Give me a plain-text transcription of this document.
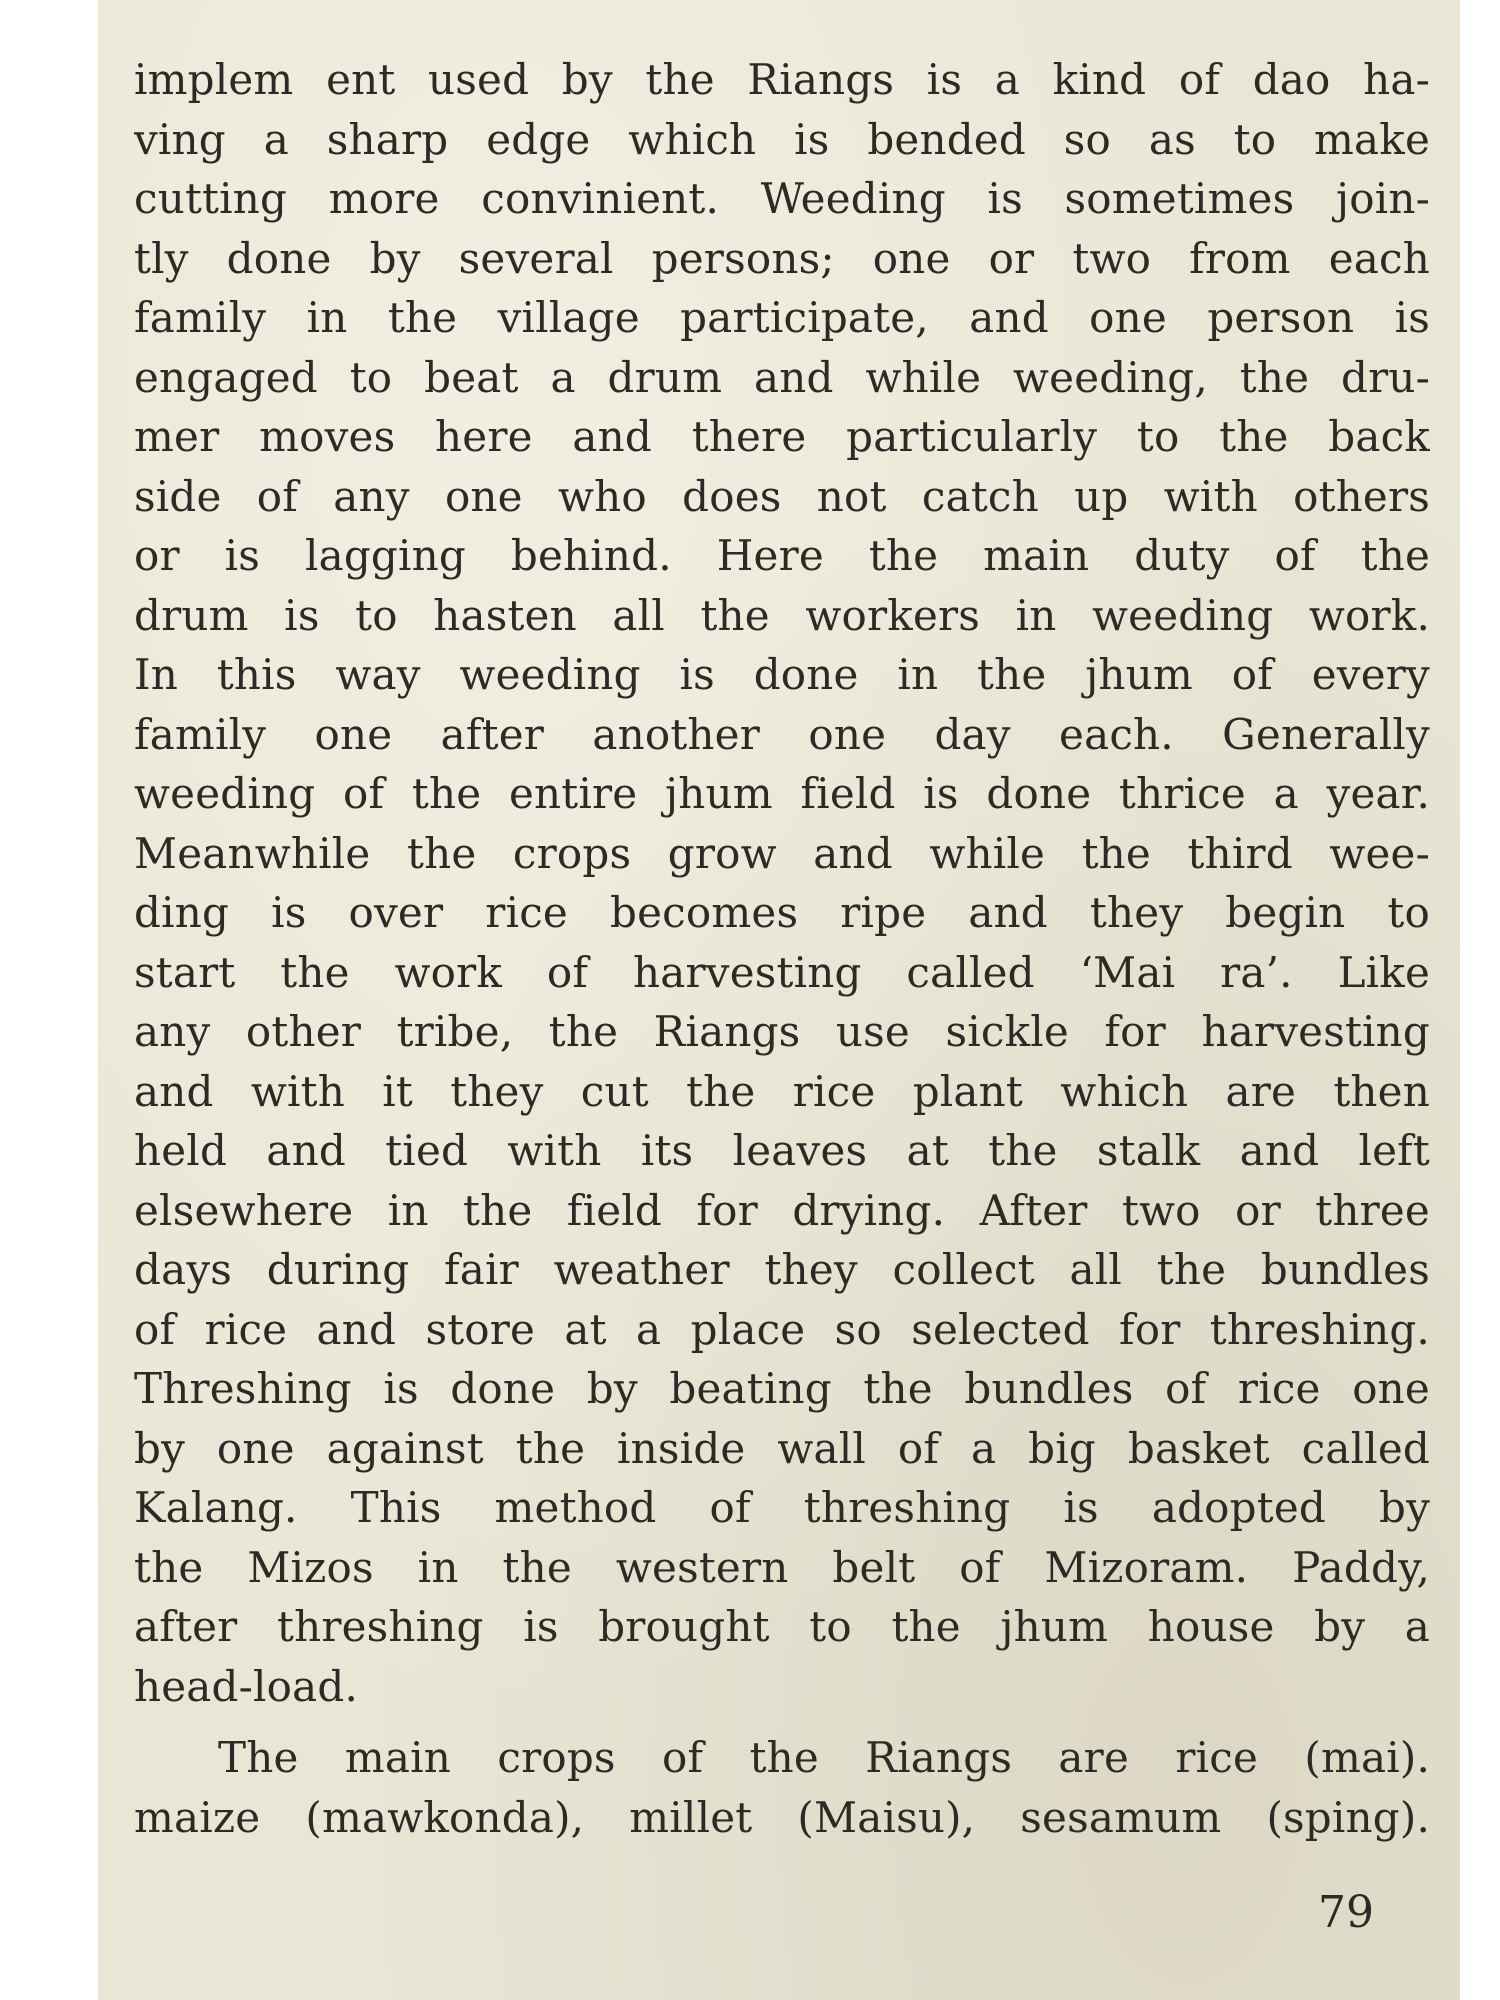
implem ent used by the Riangs is a kind of dao ha-
ving a sharp edge which is bended so as to make
cutting more convinient. Weeding is sometimes join-
tly done by several persons; one or two from each
family in the village participate, and one person is
engaged to beat a drum and while weeding, the dru-
mer moves here and there particularly to the back
side of any one who does not catch up with others
or is lagging behind. Here the main duty of the
drum is to hasten all the workers in weeding work.
In this way weeding is done in the jhum of every
family one after another one day each. Generally
weeding of the entire jhum field is done thrice a year.
Meanwhile the crops grow and while the third wee-
ding is over rice becomes ripe and they begin to
start the work of harvesting called ‘Mai ra’. Like
any other tribe, the Riangs use sickle for harvesting
and with it they cut the rice plant which are then
held and tied with its leaves at the stalk and left
elsewhere in the field for drying. After two or three
days during fair weather they collect all the bundles
of rice and store at a place so selected for threshing.
Threshing is done by beating the bundles of rice one
by one against the inside wall of a big basket called
Kalang. This method of threshing is adopted by
the Mizos in the western belt of Mizoram. Paddy,
after threshing is brought to the jhum house by a
head-load.
The main crops of the Riangs are rice (mai).
maize (mawkonda), millet (Maisu), sesamum (sping).
79
